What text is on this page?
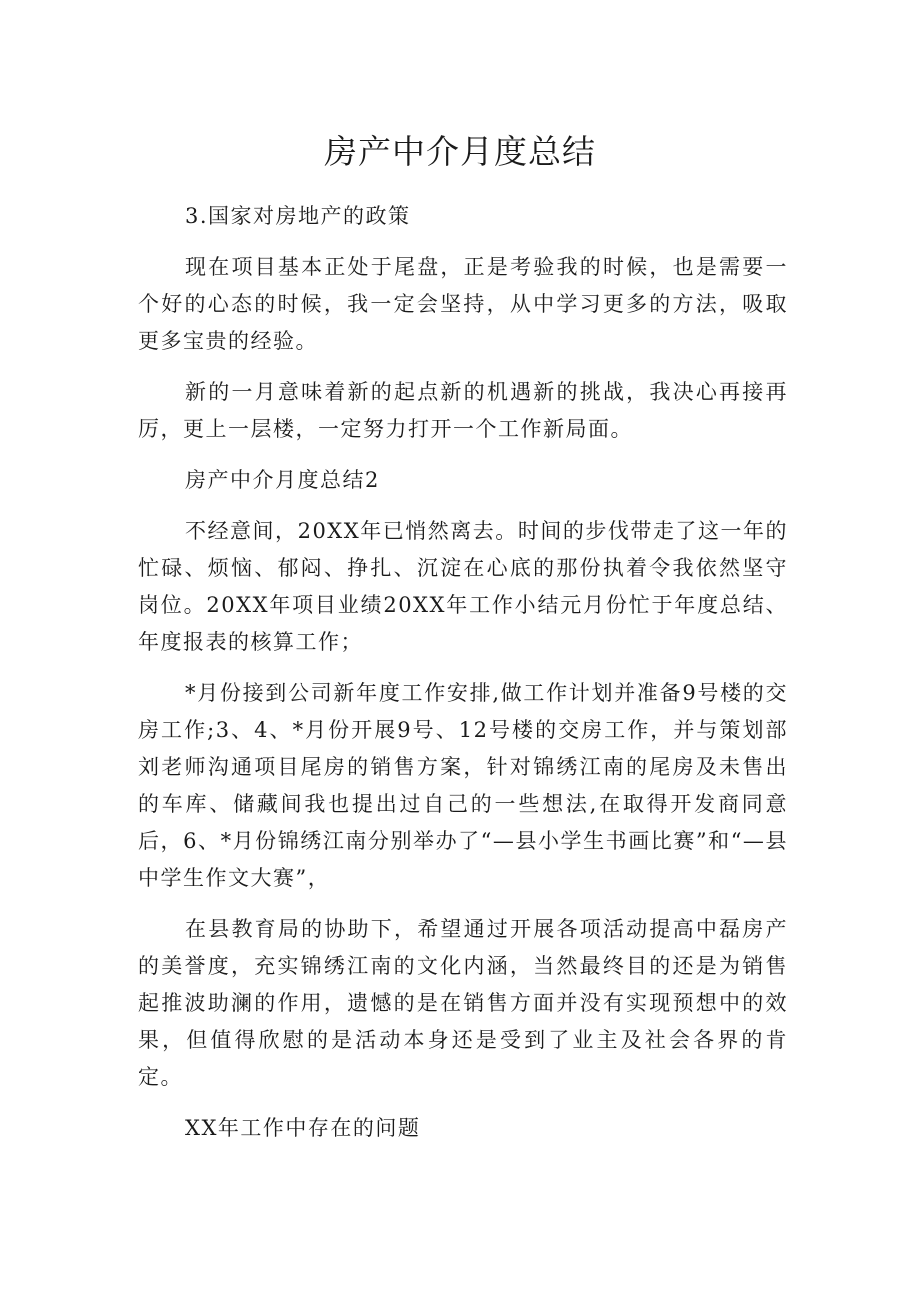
房产中介月度总结

3.国家对房地产的政策

现在项目基本正处于尾盘，正是考验我的时候，也是需要一个好的心态的时候，我一定会坚持，从中学习更多的方法，吸取更多宝贵的经验。

新的一月意味着新的起点新的机遇新的挑战，我决心再接再厉，更上一层楼，一定努力打开一个工作新局面。

房产中介月度总结2

不经意间，20XX年已悄然离去。时间的步伐带走了这一年的忙碌、烦恼、郁闷、挣扎、沉淀在心底的那份执着令我依然坚守岗位。20XX年项目业绩20XX年工作小结元月份忙于年度总结、年度报表的核算工作；

*月份接到公司新年度工作安排,做工作计划并准备9号楼的交房工作;3、4、*月份开展9号、12号楼的交房工作，并与策划部刘老师沟通项目尾房的销售方案，针对锦绣江南的尾房及未售出的车库、储藏间我也提出过自己的一些想法,在取得开发商同意后，6、*月份锦绣江南分别举办了“—县小学生书画比赛”和“—县中学生作文大赛”，

在县教育局的协助下，希望通过开展各项活动提高中磊房产的美誉度，充实锦绣江南的文化内涵，当然最终目的还是为销售起推波助澜的作用，遗憾的是在销售方面并没有实现预想中的效果，但值得欣慰的是活动本身还是受到了业主及社会各界的肯定。

XX年工作中存在的问题
